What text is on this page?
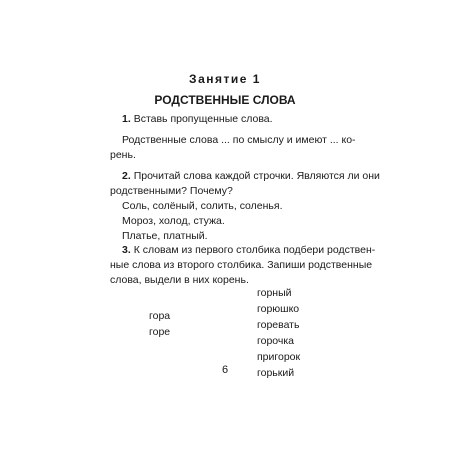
Занятие 1
РОДСТВЕННЫЕ СЛОВА
1. Вставь пропущенные слова.
Родственные слова ... по смыслу и имеют ... ко-
рень.
2. Прочитай слова каждой строчки. Являются ли они
родственными? Почему?
Соль, солёный, солить, соленья.
Мороз, холод, стужа.
Платье, платный.
3. К словам из первого столбика подбери родствен-
ные слова из второго столбика. Запиши родственные
слова, выдели в них корень.
гора
горе
горный
горюшко
горевать
горочка
пригорок
горький
6
